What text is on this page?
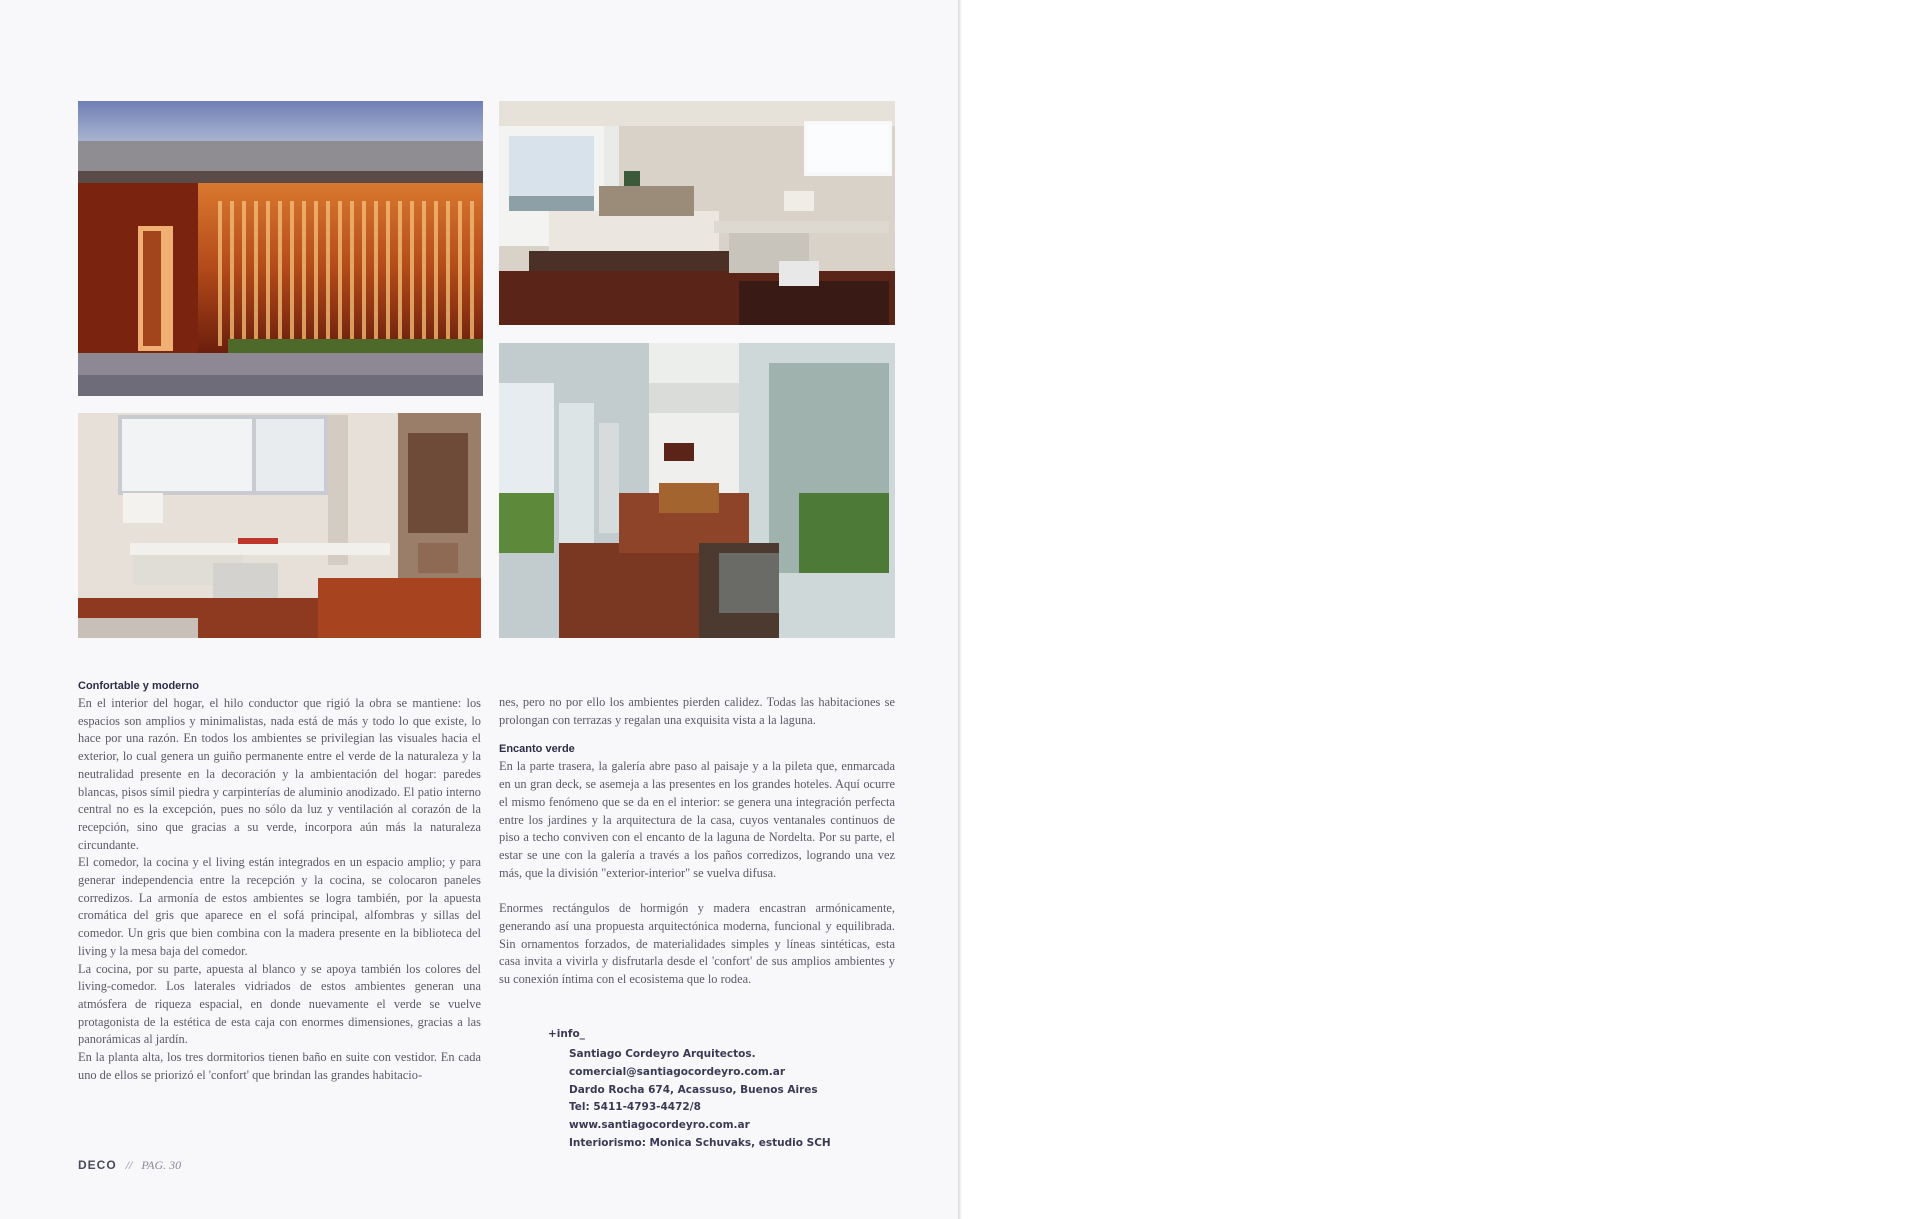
Confortable y moderno

En el interior del hogar, el hilo conductor que rigió la obra se mantiene: los espacios son amplios y minimalistas, nada está de más y todo lo que existe, lo hace por una razón. En todos los ambientes se privilegian las visuales hacia el exterior, lo cual genera un guiño permanente entre el verde de la naturaleza y la neutralidad presente en la decoración y la ambientación del hogar: paredes blancas, pisos símil piedra y carpinterías de aluminio anodizado. El patio interno central no es la excepción, pues no sólo da luz y ventilación al corazón de la recepción, sino que gracias a su verde, incorpora aún más la naturaleza circundante.

El comedor, la cocina y el living están integrados en un espacio amplio; y para generar independencia entre la recepción y la cocina, se colocaron paneles corredizos. La armonía de estos ambientes se logra también, por la apuesta cromática del gris que aparece en el sofá principal, alfombras y sillas del comedor. Un gris que bien combina con la madera presente en la biblioteca del living y la mesa baja del comedor.

La cocina, por su parte, apuesta al blanco y se apoya también los colores del living-comedor. Los laterales vidriados de estos ambientes generan una atmósfera de riqueza espacial, en donde nuevamente el verde se vuelve protagonista de la estética de esta caja con enormes dimensiones, gracias a las panorámicas al jardín.

En la planta alta, los tres dormitorios tienen baño en suite con vestidor. En cada uno de ellos se priorizó el 'confort' que brindan las grandes habitacio-

nes, pero no por ello los ambientes pierden calidez. Todas las habitaciones se prolongan con terrazas y regalan una exquisita vista a la laguna.

Encanto verde

En la parte trasera, la galería abre paso al paisaje y a la pileta que, enmarcada en un gran deck, se asemeja a las presentes en los grandes hoteles. Aquí ocurre el mismo fenómeno que se da en el interior: se genera una integración perfecta entre los jardines y la arquitectura de la casa, cuyos ventanales continuos de piso a techo conviven con el encanto de la laguna de Nordelta. Por su parte, el estar se une con la galería a través a los paños corredizos, logrando una vez más, que la división "exterior-interior" se vuelva difusa.

Enormes rectángulos de hormigón y madera encastran armónicamente, generando así una propuesta arquitectónica moderna, funcional y equilibrada. Sin ornamentos forzados, de materialidades simples y líneas sintéticas, esta casa invita a vivirla y disfrutarla desde el 'confort' de sus amplios ambientes y su conexión íntima con el ecosistema que lo rodea.

+info_
Santiago Cordeyro Arquitectos.
comercial@santiagocordeyro.com.ar
Dardo Rocha 674, Acassuso, Buenos Aires
Tel: 5411-4793-4472/8
www.santiagocordeyro.com.ar
Interiorismo: Monica Schuvaks, estudio SCH
DECO // PAG. 30
